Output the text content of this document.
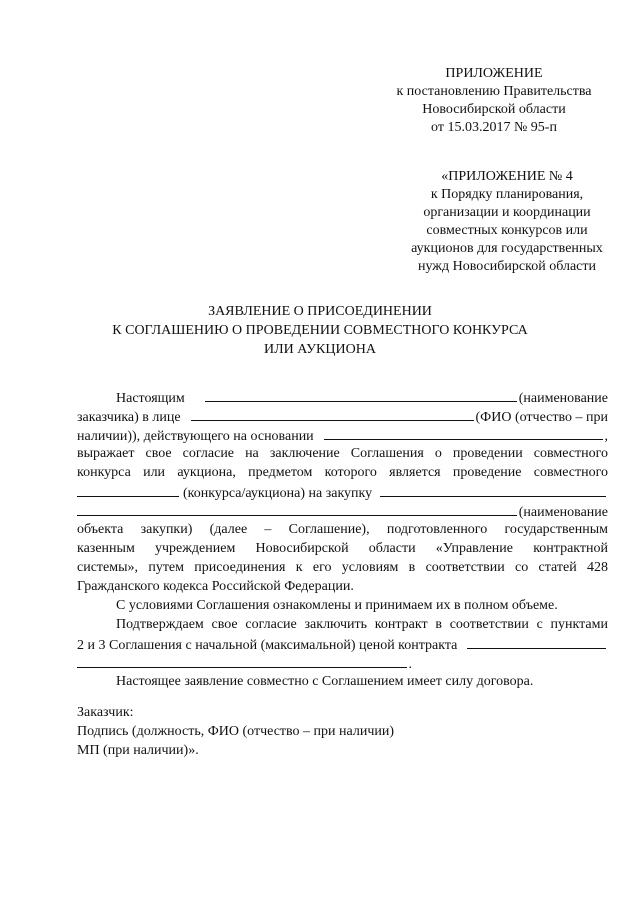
ПРИЛОЖЕНИЕ

к постановлению Правительства

Новосибирской области

от 15.03.2017 № 95-п

«ПРИЛОЖЕНИЕ № 4

к Порядку планирования,

организации и координации

совместных конкурсов или

аукционов для государственных

нужд Новосибирской области

ЗАЯВЛЕНИЕ О ПРИСОЕДИНЕНИИ

К СОГЛАШЕНИЮ О ПРОВЕДЕНИИ СОВМЕСТНОГО КОНКУРСА

ИЛИ АУКЦИОНА

Настоящим	(наименование
заказчика) в лице	(ФИО (отчество – при
наличии)), действующего на основании	,
выражает свое согласие на заключение Соглашения о проведении совместного
конкурса или аукциона, предметом которого является проведение совместного
(конкурса/аукциона) на закупку
(наименование
объекта закупки) (далее – Соглашение), подготовленного государственным
казенным учреждением Новосибирской области «Управление контрактной
системы», путем присоединения к его условиям в соответствии со статей 428
Гражданского кодекса Российской Федерации.
С условиями Соглашения ознакомлены и принимаем их в полном объеме.
Подтверждаем свое согласие заключить контракт в соответствии с пунктами
2 и 3 Соглашения с начальной (максимальной) ценой контракта
.
Настоящее заявление совместно с Соглашением имеет силу договора.

Заказчик:

Подпись (должность, ФИО (отчество – при наличии)

МП (при наличии)».
